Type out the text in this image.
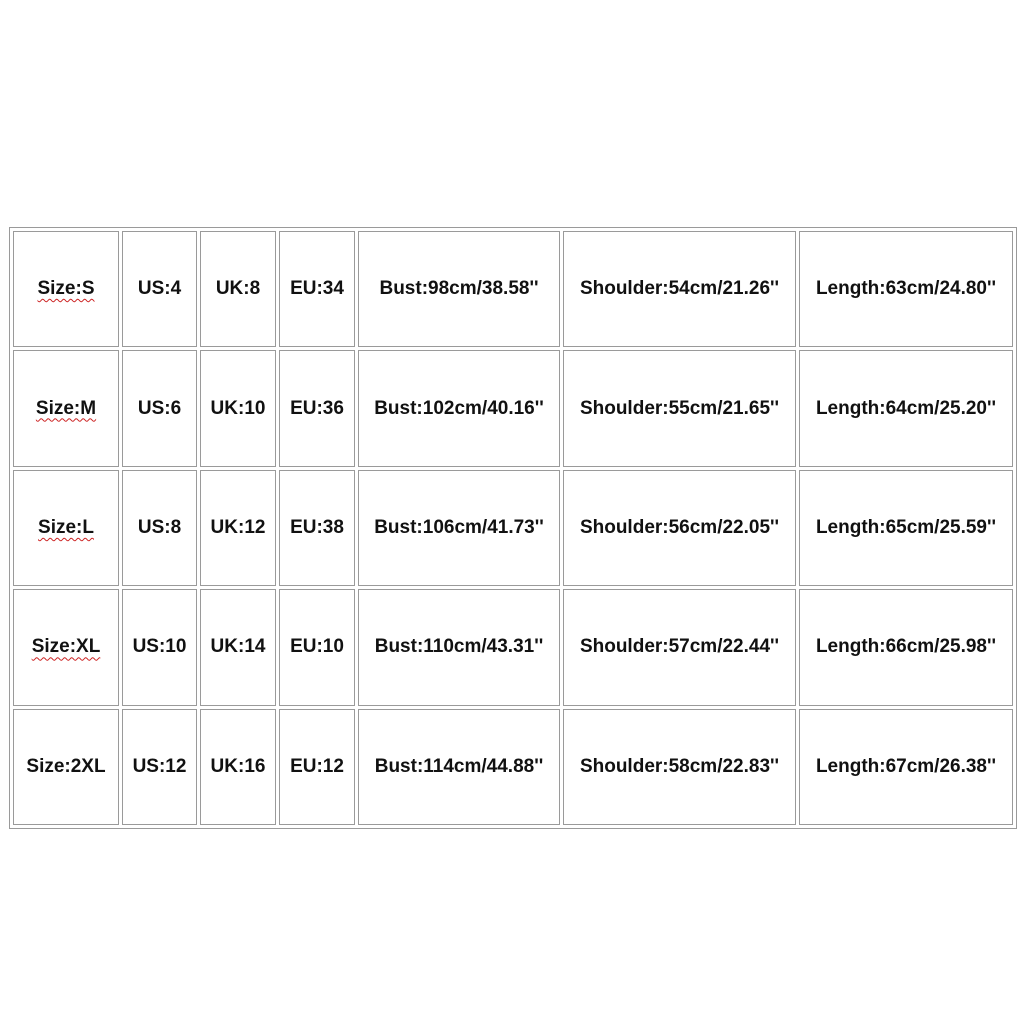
Size:S	US:4	UK:8	EU:34	Bust:98cm/38.58''	Shoulder:54cm/21.26''	Length:63cm/24.80''
Size:M	US:6	UK:10	EU:36	Bust:102cm/40.16''	Shoulder:55cm/21.65''	Length:64cm/25.20''
Size:L	US:8	UK:12	EU:38	Bust:106cm/41.73''	Shoulder:56cm/22.05''	Length:65cm/25.59''
Size:XL	US:10	UK:14	EU:10	Bust:110cm/43.31''	Shoulder:57cm/22.44''	Length:66cm/25.98''
Size:2XL	US:12	UK:16	EU:12	Bust:114cm/44.88''	Shoulder:58cm/22.83''	Length:67cm/26.38''
